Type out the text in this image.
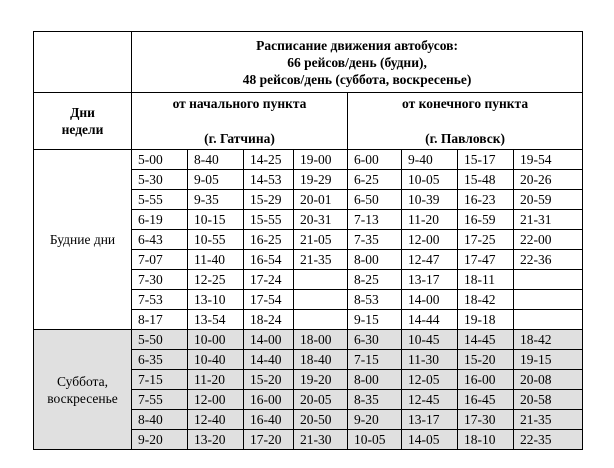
	Расписание движения автобусов:
66 рейсов/день (будни),
48 рейсов/день (суббота, воскресенье)							

Дни
недели	от начального пункта
(г. Гатчина)				от конечного пункта
(г. Павловск)			

Будние дни	5-00	8-40	14-25	19-00	6-00	9-40	15-17	19-54
	5-30	9-05	14-53	19-29	6-25	10-05	15-48	20-26
	5-55	9-35	15-29	20-01	6-50	10-39	16-23	20-59
	6-19	10-15	15-55	20-31	7-13	11-20	16-59	21-31
	6-43	10-55	16-25	21-05	7-35	12-00	17-25	22-00
	7-07	11-40	16-54	21-35	8-00	12-47	17-47	22-36
	7-30	12-25	17-24		8-25	13-17	18-11	
	7-53	13-10	17-54		8-53	14-00	18-42	
	8-17	13-54	18-24		9-15	14-44	19-18	

Суббота,
воскресенье	5-50	10-00	14-00	18-00	6-30	10-45	14-45	18-42
	6-35	10-40	14-40	18-40	7-15	11-30	15-20	19-15
	7-15	11-20	15-20	19-20	8-00	12-05	16-00	20-08
	7-55	12-00	16-00	20-05	8-35	12-45	16-45	20-58
	8-40	12-40	16-40	20-50	9-20	13-17	17-30	21-35
	9-20	13-20	17-20	21-30	10-05	14-05	18-10	22-35
